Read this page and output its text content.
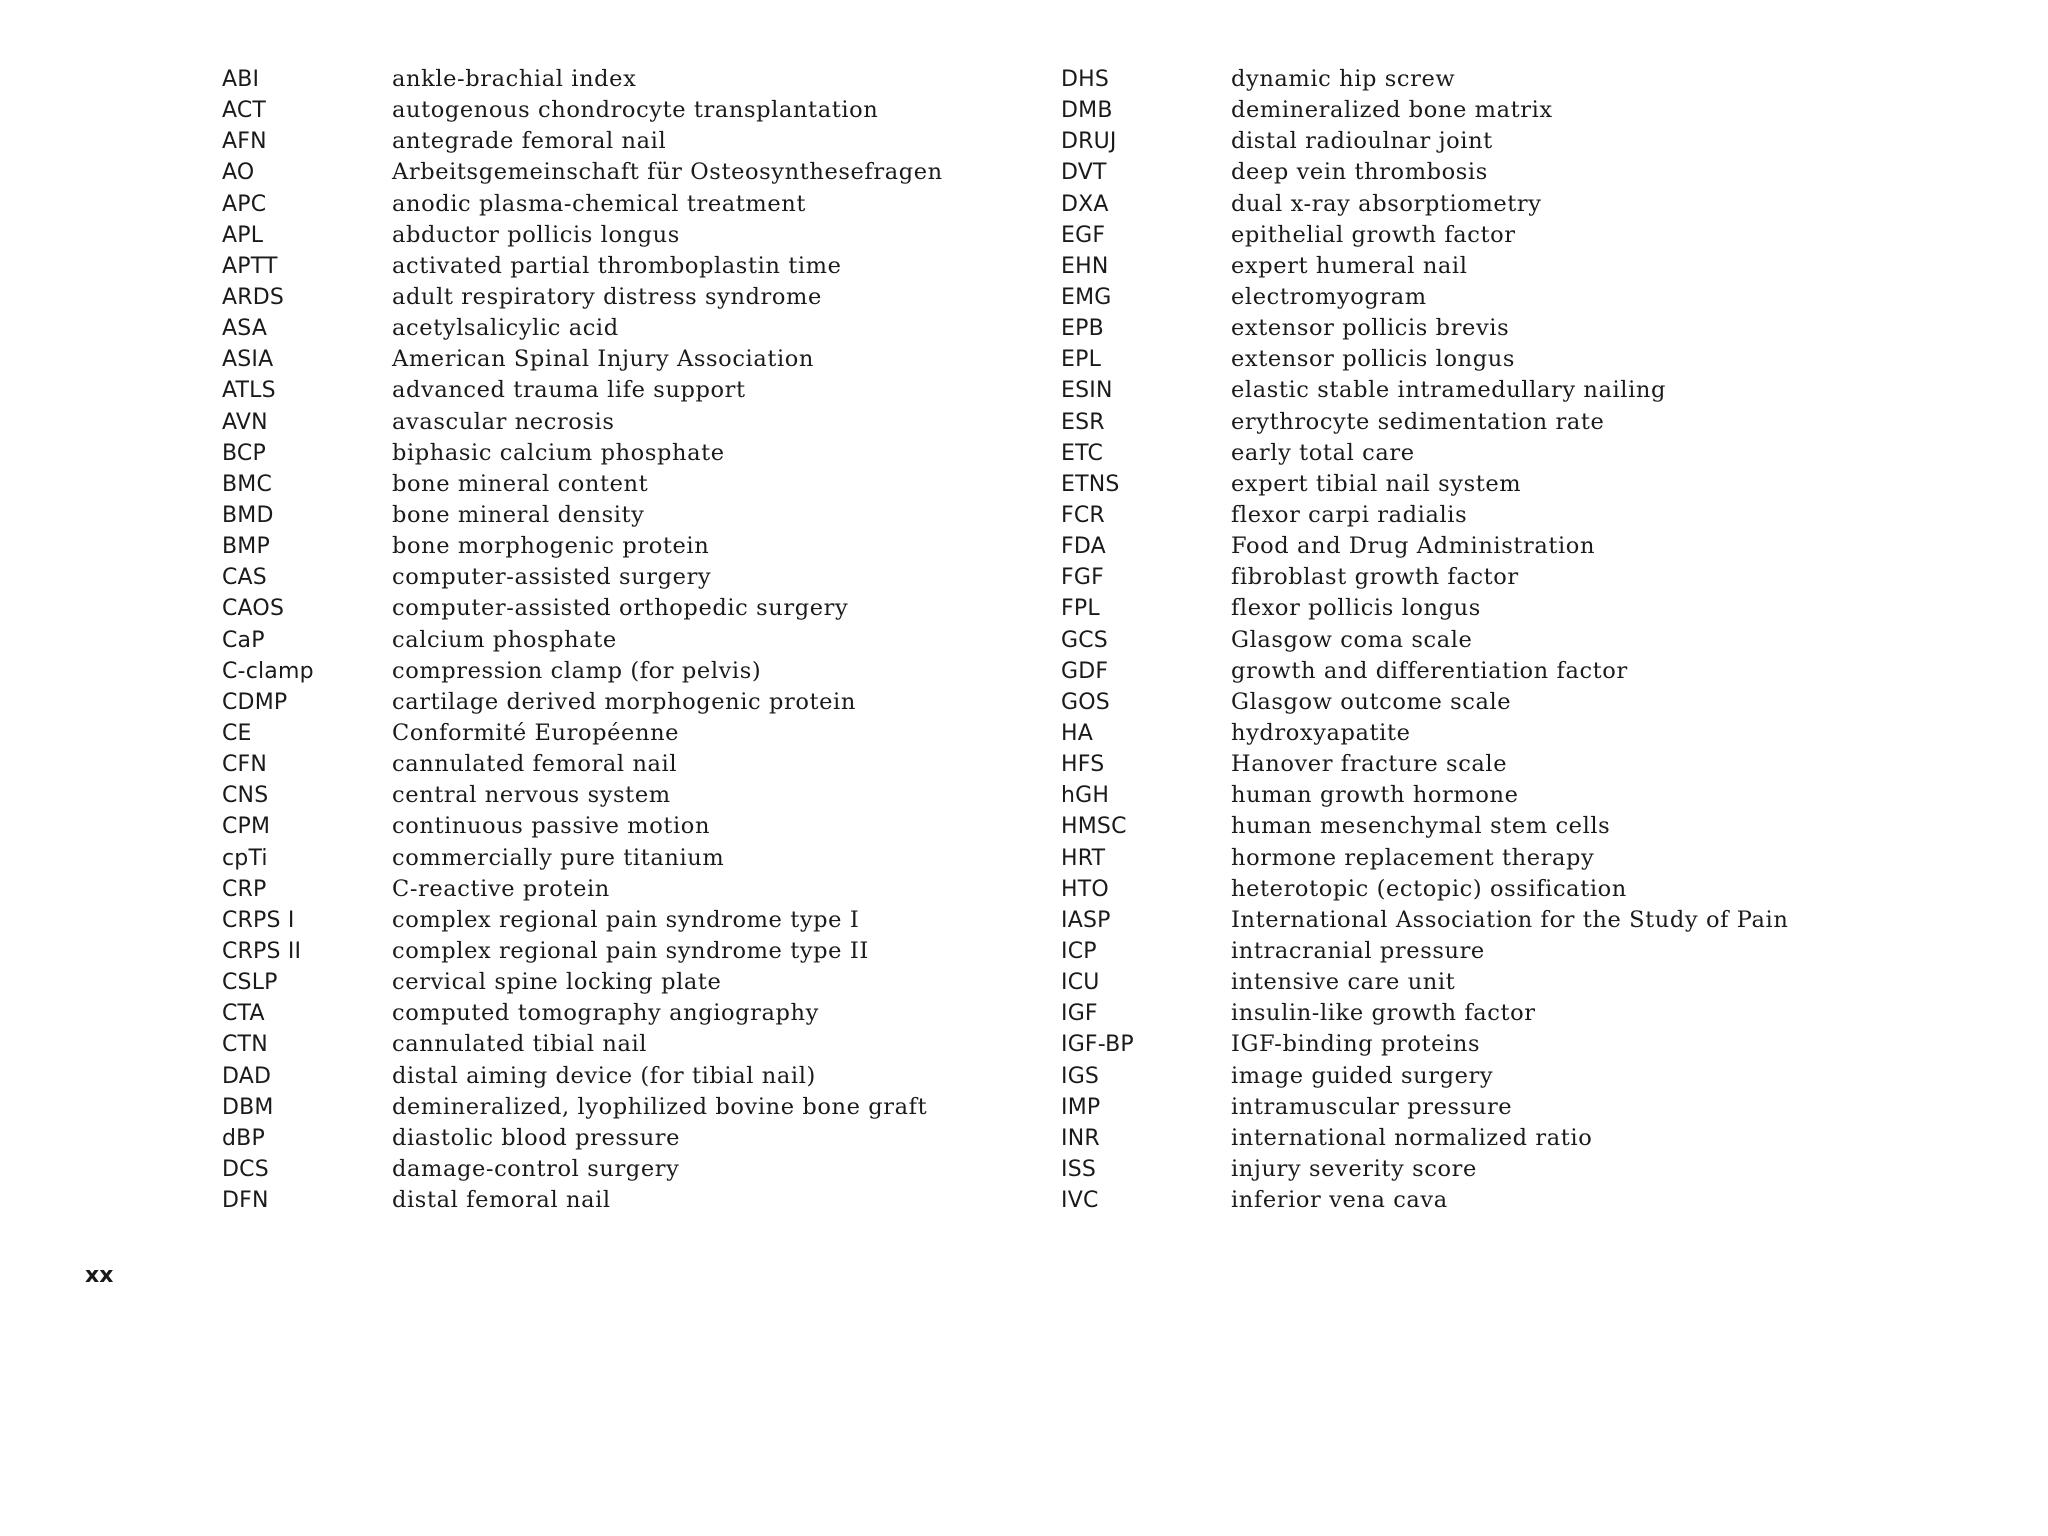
ABI	ankle-brachial index
ACT	autogenous chondrocyte transplantation
AFN	antegrade femoral nail
AO	Arbeitsgemeinschaft für Osteosynthesefragen
APC	anodic plasma-chemical treatment
APL	abductor pollicis longus
APTT	activated partial thromboplastin time
ARDS	adult respiratory distress syndrome
ASA	acetylsalicylic acid
ASIA	American Spinal Injury Association
ATLS	advanced trauma life support
AVN	avascular necrosis
BCP	biphasic calcium phosphate
BMC	bone mineral content
BMD	bone mineral density
BMP	bone morphogenic protein
CAS	computer-assisted surgery
CAOS	computer-assisted orthopedic surgery
CaP	calcium phosphate
C-clamp	compression clamp (for pelvis)
CDMP	cartilage derived morphogenic protein
CE	Conformité Européenne
CFN	cannulated femoral nail
CNS	central nervous system
CPM	continuous passive motion
cpTi	commercially pure titanium
CRP	C-reactive protein
CRPS I	complex regional pain syndrome type I
CRPS II	complex regional pain syndrome type II
CSLP	cervical spine locking plate
CTA	computed tomography angiography
CTN	cannulated tibial nail
DAD	distal aiming device (for tibial nail)
DBM	demineralized, lyophilized bovine bone graft
dBP	diastolic blood pressure
DCS	damage-control surgery
DFN	distal femoral nail
DHS	dynamic hip screw
DMB	demineralized bone matrix
DRUJ	distal radioulnar joint
DVT	deep vein thrombosis
DXA	dual x-ray absorptiometry
EGF	epithelial growth factor
EHN	expert humeral nail
EMG	electromyogram
EPB	extensor pollicis brevis
EPL	extensor pollicis longus
ESIN	elastic stable intramedullary nailing
ESR	erythrocyte sedimentation rate
ETC	early total care
ETNS	expert tibial nail system
FCR	flexor carpi radialis
FDA	Food and Drug Administration
FGF	fibroblast growth factor
FPL	flexor pollicis longus
GCS	Glasgow coma scale
GDF	growth and differentiation factor
GOS	Glasgow outcome scale
HA	hydroxyapatite
HFS	Hanover fracture scale
hGH	human growth hormone
HMSC	human mesenchymal stem cells
HRT	hormone replacement therapy
HTO	heterotopic (ectopic) ossification
IASP	International Association for the Study of Pain
ICP	intracranial pressure
ICU	intensive care unit
IGF	insulin-like growth factor
IGF-BP	IGF-binding proteins
IGS	image guided surgery
IMP	intramuscular pressure
INR	international normalized ratio
ISS	injury severity score
IVC	inferior vena cava
xx
